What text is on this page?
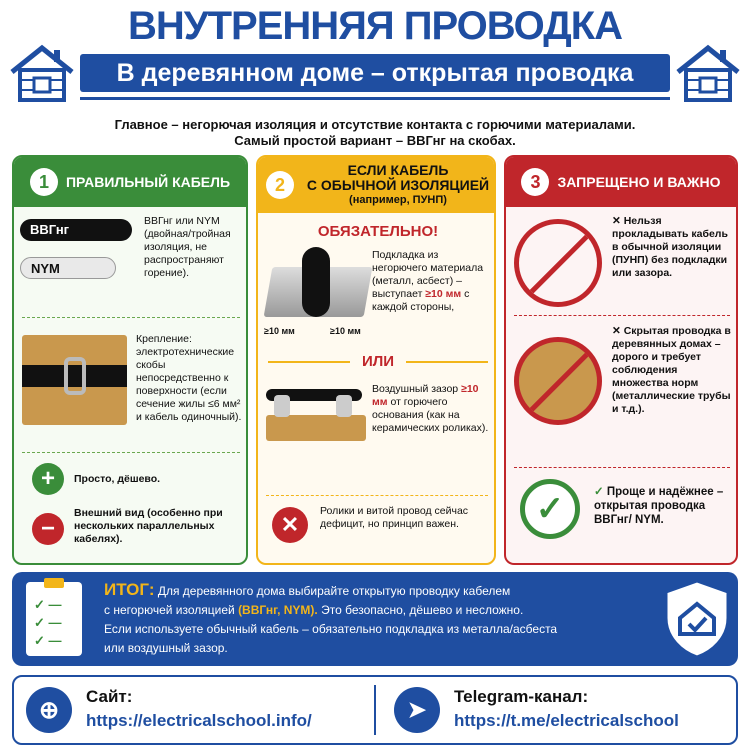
ВНУТРЕННЯЯ ПРОВОДКА
В деревянном доме – открытая проводка
Главное – негорючая изоляция и отсутствие контакта с горючими материалами.
Самый простой вариант – ВВГнг на скобах.
1	ПРАВИЛЬНЫЙ КАБЕЛЬ
ВВГнг
NYM
ВВГнг или NYM (двойная/тройная изоляция, не распространяют горение).
Крепление: электротехнические скобы непосредственно к поверхности (если сечение жилы ≤6 мм² и кабель одиночный).
+	Просто, дёшево.
−
Внешний вид (особенно при нескольких параллельных кабелях).
2
ЕСЛИ КАБЕЛЬ
С ОБЫЧНОЙ ИЗОЛЯЦИЕЙ
(например, ПУНП)
ОБЯЗАТЕЛЬНО!
≥10 мм	≥10 мм
Подкладка из негорючего материала (металл, асбест) – выступает ≥10 мм с каждой стороны,
ИЛИ
Воздушный зазор ≥10 мм от горючего основания (как на керамических роликах).
✕
Ролики и витой провод сейчас дефицит, но принцип важен.
3	ЗАПРЕЩЕНО И ВАЖНО
✕ Нельзя прокладывать кабель в обычной изоляции (ПУНП) без подкладки или зазора.
✕ Скрытая проводка в деревянных домах – дорого и требует соблюдения множества норм (металлические трубы и т.д.).
✓	✓ Проще и надёжнее – открытая проводка ВВГнг/ NYM.
✓ —
✓ —
✓ —
ИТОГ: Для деревянного дома выбирайте открытую проводку кабелем
с негорючей изоляцией (ВВГнг, NYM). Это безопасно, дёшево и несложно.
Если используете обычный кабель – обязательно подкладка из металла/асбеста
или воздушный зазор.
⊕	Сайт:
https://electricalschool.info/	➤
Telegram-канал:
https://t.me/electricalschool
